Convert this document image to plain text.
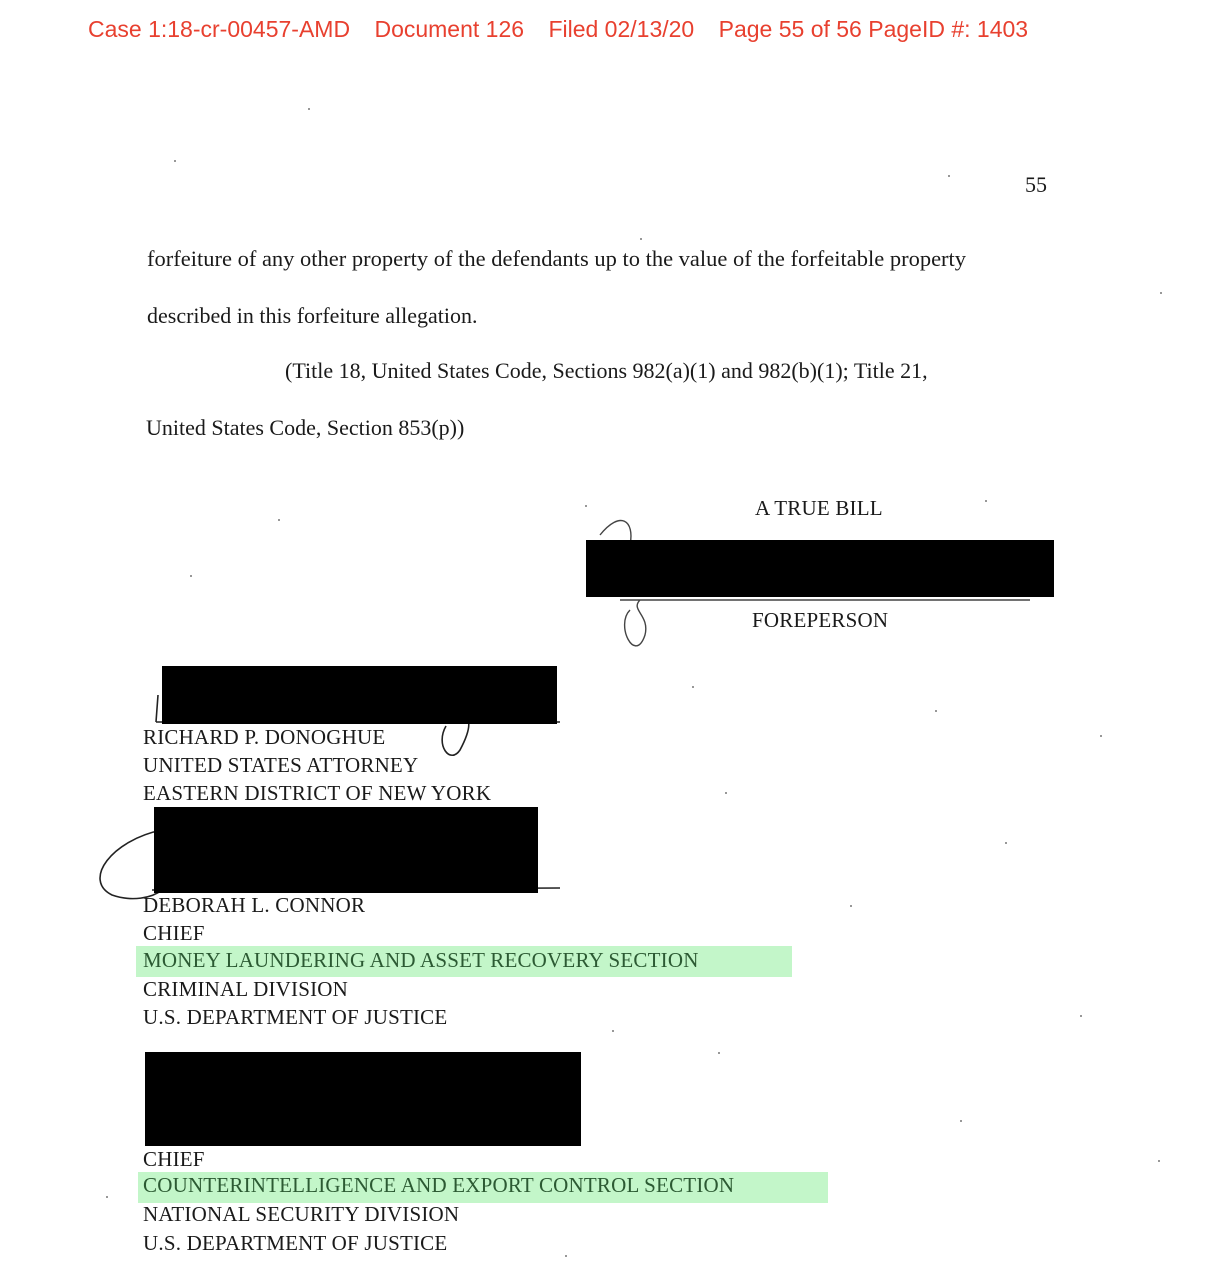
Case 1:18-cr-00457-AMD Document 126 Filed 02/13/20 Page 55 of 56 PageID #: 1403
55
forfeiture of any other property of the defendants up to the value of the forfeitable property
described in this forfeiture allegation.
(Title 18, United States Code, Sections 982(a)(1) and 982(b)(1); Title 21,
United States Code, Section 853(p))
A TRUE BILL
FOREPERSON
RICHARD P. DONOGHUE
UNITED STATES ATTORNEY
EASTERN DISTRICT OF NEW YORK
DEBORAH L. CONNOR
CHIEF
MONEY LAUNDERING AND ASSET RECOVERY SECTION
CRIMINAL DIVISION
U.S. DEPARTMENT OF JUSTICE
CHIEF
COUNTERINTELLIGENCE AND EXPORT CONTROL SECTION
NATIONAL SECURITY DIVISION
U.S. DEPARTMENT OF JUSTICE
